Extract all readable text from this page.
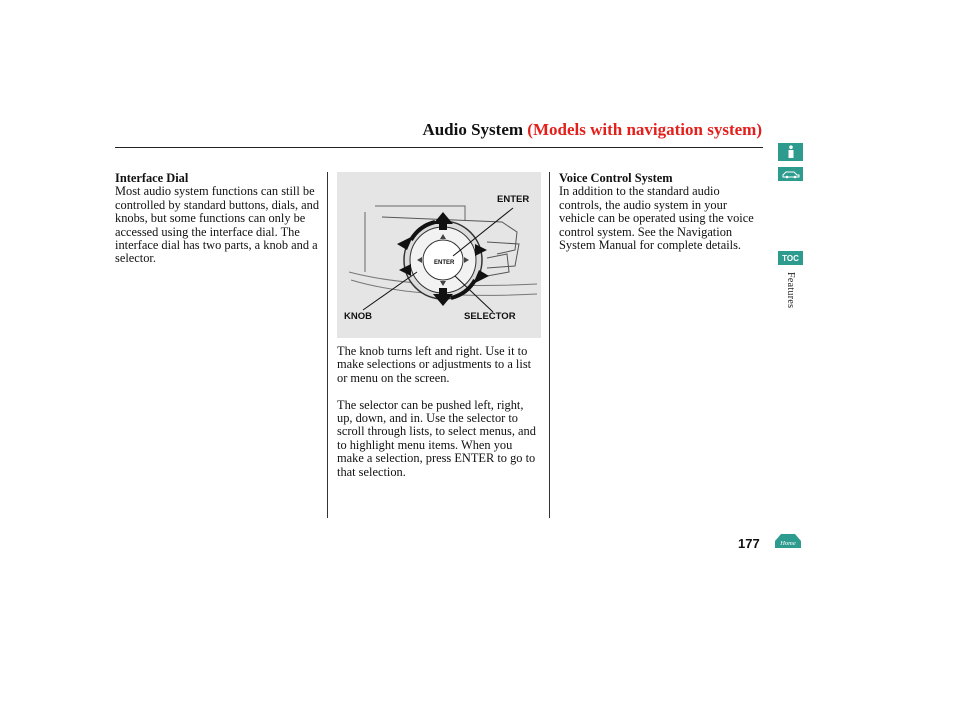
Audio System (Models with navigation system)
Interface Dial

Most audio system functions can still be controlled by standard buttons, dials, and knobs, but some functions can only be accessed using the interface dial. The interface dial has two parts, a knob and a selector.	ENTER
ENTER
KNOB	SELECTOR

The knob turns left and right. Use it to make selections or adjustments to a list or menu on the screen.

The selector can be pushed left, right, up, down, and in. Use the selector to scroll through lists, to select menus, and to highlight menu items. When you make a selection, press ENTER to go to that selection.

Voice Control System

In addition to the standard audio controls, the audio system in your vehicle can be operated using the voice control system. See the Navigation System Manual for complete details.

TOC
Features
177	Home
